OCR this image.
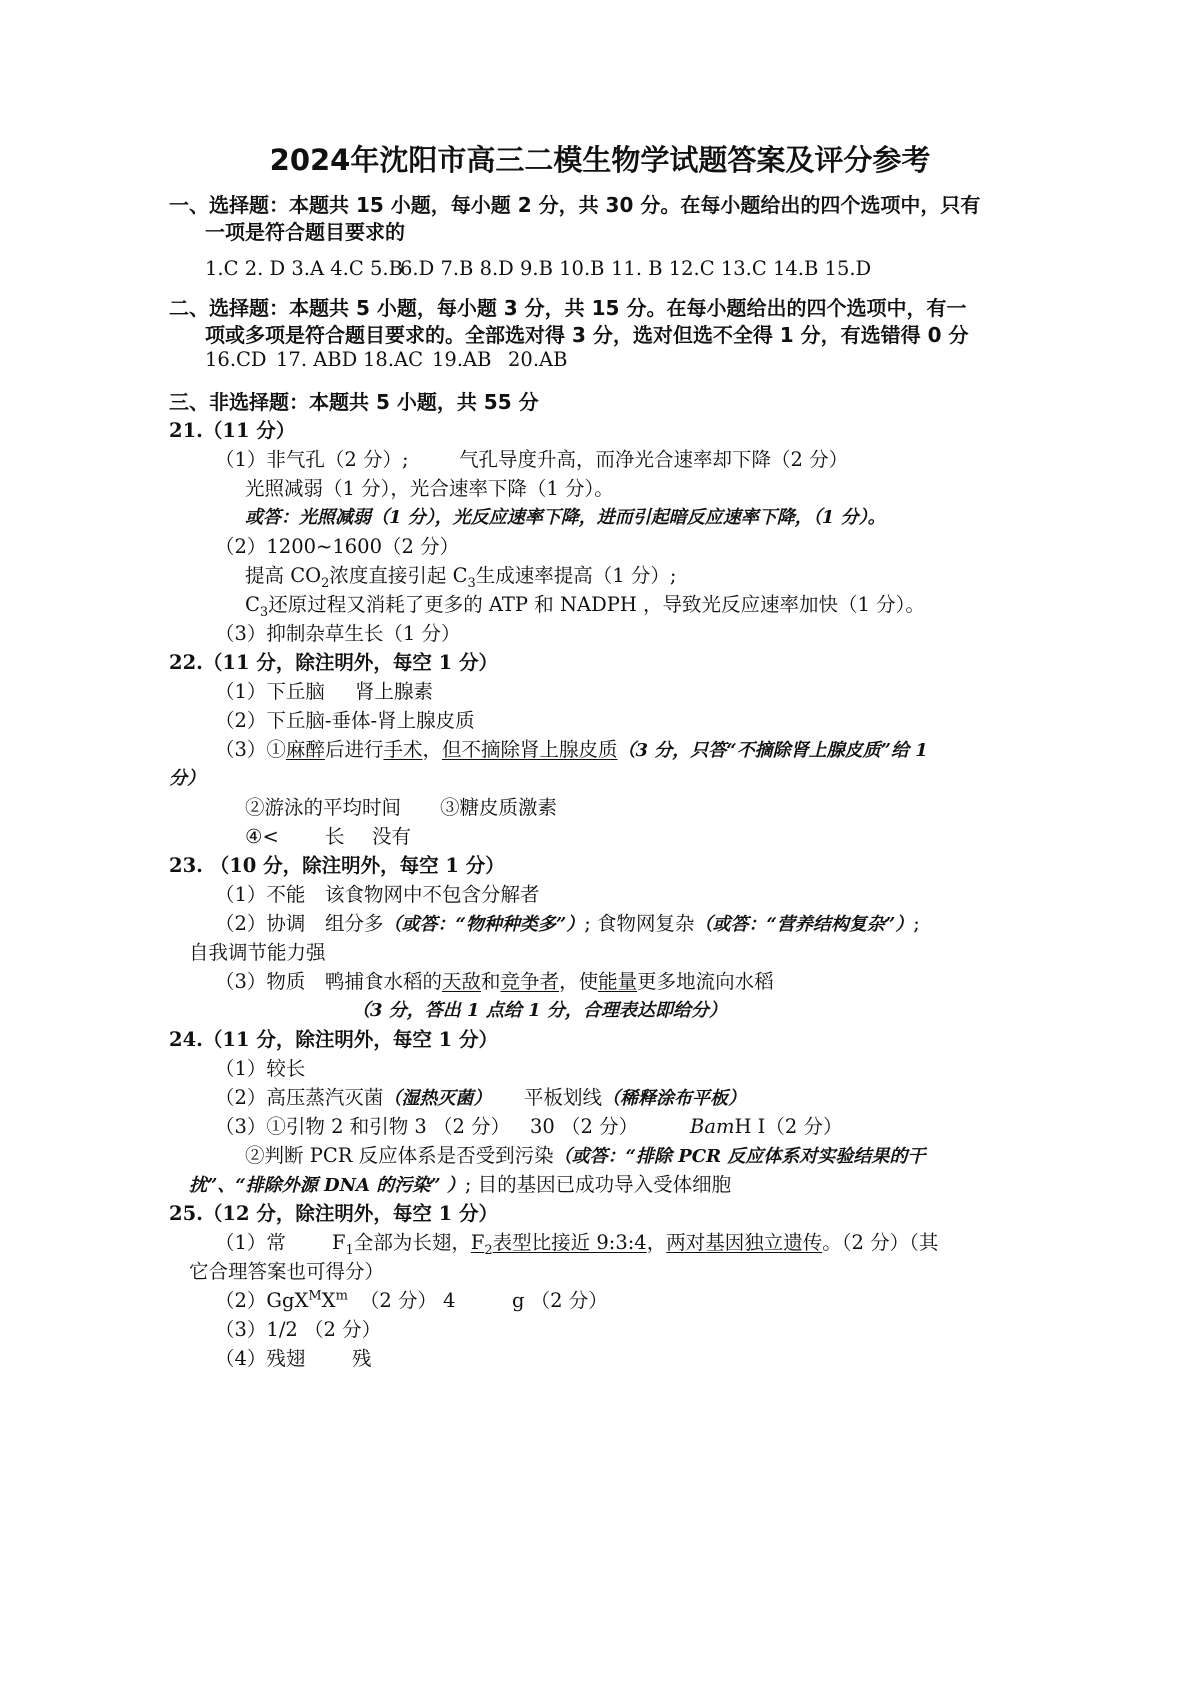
2024年沈阳市高三二模生物学试题答案及评分参考
一、选择题：本题共 15 小题，每小题 2 分，共 30 分。在每小题给出的四个选项中，只有
一项是符合题目要求的
1.C 2. D 3.A 4.C 5.B
6.D 7.B 8.D 9.B 10.B 11. B 12.C 13.C 14.B 15.D
二、选择题：本题共 5 小题，每小题 3 分，共 15 分。在每小题给出的四个选项中，有一
项或多项是符合题目要求的。全部选对得 3 分，选对但选不全得 1 分，有选错得 0 分
16.CD 17. ABD 18.AC 19.AB 20.AB
三、非选择题：本题共 5 小题，共 55 分
21.（11 分）
（1）非气孔（2 分）;	气孔导度升高，而净光合速率却下降（2 分）
光照减弱（1 分），光合速率下降（1 分）。
或答：光照减弱（1 分），光反应速率下降，进而引起暗反应速率下降，（1 分）。
（2）1200~1600（2 分）
提高 $CO_2$浓度直接引起 $C_3$生成速率提高（1 分）;
$C_3$还原过程又消耗了更多的 ATP 和 NADPH ，导致光反应速率加快（1 分）。
（3）抑制杂草生长（1 分）
22.（11 分，除注明外，每空 1 分）
（1）下丘脑 肾上腺素
（2）下丘脑-垂体-肾上腺皮质
（3）①麻醉后进行手术，但不摘除肾上腺皮质（3 分，只答“不摘除肾上腺皮质”给 1
分）
②游泳的平均时间 ③糖皮质激素
④< 长 没有
23. （10 分，除注明外，每空 1 分）
（1）不能 该食物网中不包含分解者
（2）协调 组分多（或答：“物种种类多”）; 食物网复杂（或答：“营养结构复杂”）;
自我调节能力强
（3）物质 鸭捕食水稻的天敌和竞争者，使能量更多地流向水稻
（3 分，答出 1 点给 1 分，合理表达即给分）
24.（11 分，除注明外，每空 1 分）
（1）较长
（2）高压蒸汽灭菌（湿热灭菌） 平板划线（稀释涂布平板）
（3）①引物 2 和引物 3 （2 分） 30 （2 分）	BamH I（2 分）
②判断 PCR 反应体系是否受到污染（或答：“排除 PCR 反应体系对实验结果的干
扰”、“排除外源 DNA 的污染” ）; 目的基因已成功导入受体细胞
25.（12 分，除注明外，每空 1 分）
（1）常 $F_1$全部为长翅，$F_2$表型比接近 9:3:4，两对基因独立遗传。（2 分）（其
它合理答案也可得分）
$(2)GgX^MX^m$ （2 分） 4	g （2 分）
（3）1/2 （2 分）
（4）残翅 残
